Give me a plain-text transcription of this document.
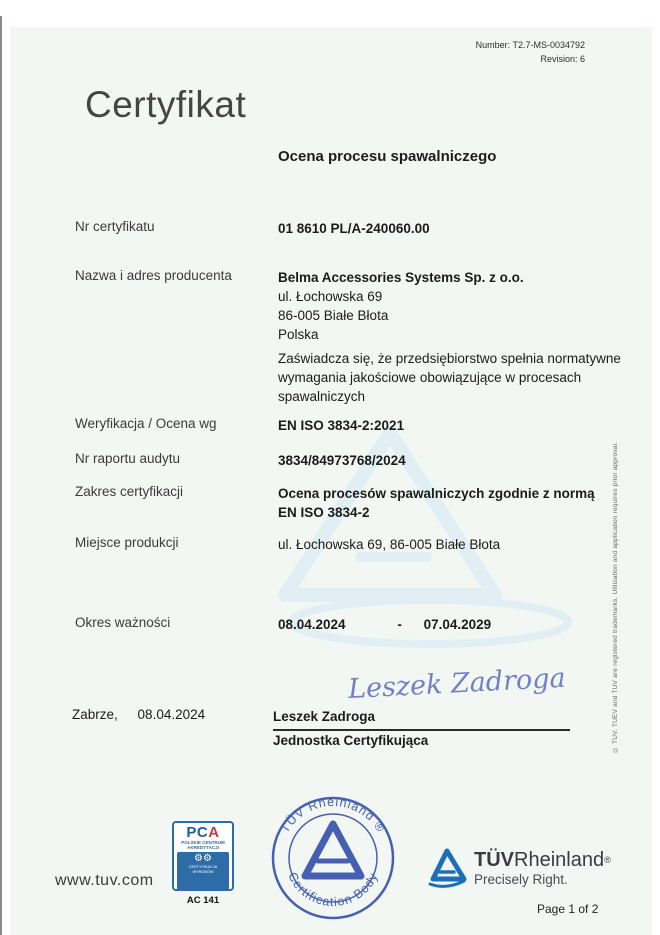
Number: T2.7-MS-0034792
Revision: 6
Certyfikat
Ocena procesu spawalniczego
Nr certyfikatu	01 8610 PL/A-240060.00
Nazwa i adres producenta	Belma Accessories Systems Sp. z o.o.
ul. Łochowska 69
86-005 Białe Błota
Polska
Zaświadcza się, że przedsiębiorstwo spełnia normatywne
wymagania jakościowe obowiązujące w procesach
spawalniczych
Weryfikacja / Ocena wg	EN ISO 3834-2:2021
Nr raportu audytu	3834/84973768/2024
Zakres certyfikacji	Ocena procesów spawalniczych zgodnie z normą
EN ISO 3834-2
Miejsce produkcji	ul. Łochowska 69, 86-005 Białe Błota
Okres ważności	08.04.2024	- 07.04.2029
Zabrze, 08.04.2024
Leszek Zadroga
Leszek Zadroga
Jednostka Certyfikująca
www.tuv.com
PCA
POLSKIE CENTRUM
AKREDYTACJI
⚙⚙
CERTYFIKACJA
WYROBÓW
AC 141
TÜV Rheinland ®
Certification Body
TÜVRheinland®
Precisely Right.
Page 1 of 2
© TUV, TUEV and TUV are registered trademarks. Utilisation and application requires prior approval.
